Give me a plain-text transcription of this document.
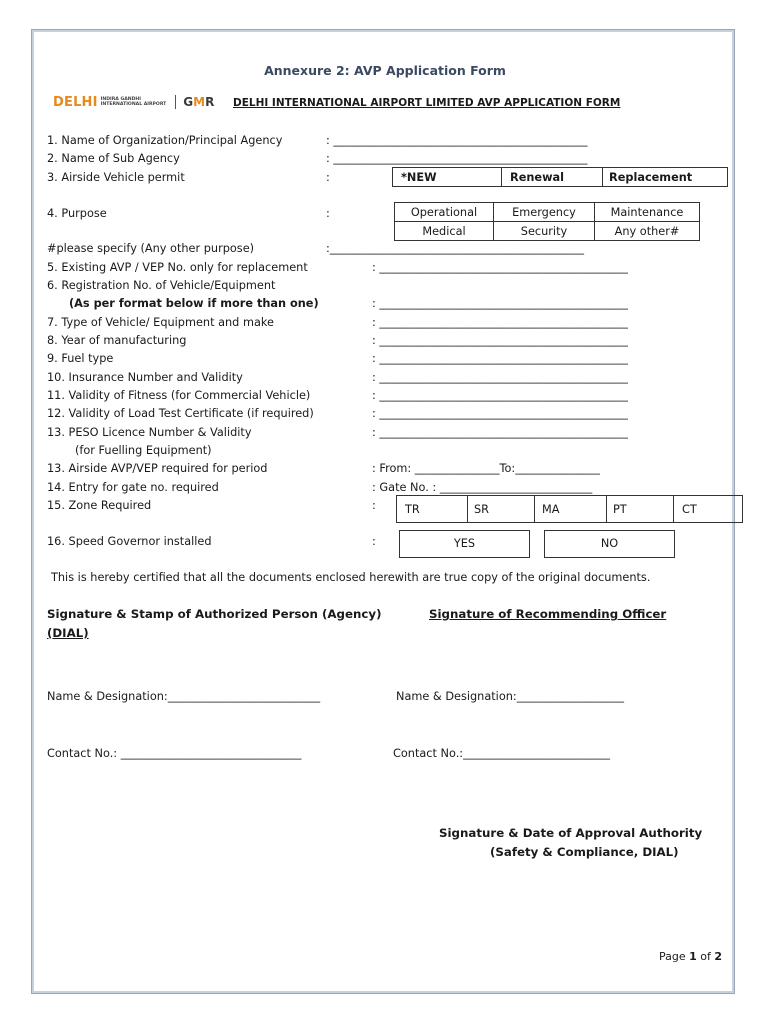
Annexure 2: AVP Application Form
DELHI INDIRA GANDHI
INTERNATIONAL AIRPORT GMR DELHI INTERNATIONAL AIRPORT LIMITED AVP APPLICATION FORM
1. Name of Organization/Principal Agency	: _____________________________________________
2. Name of Sub Agency	: _____________________________________________
3. Airside Vehicle permit	:	*NEW	Renewal	Replacement
4. Purpose	:	Operational	Emergency	Maintenance
Medical	Security	Any other#
#please specify (Any other purpose)	:_____________________________________________
5. Existing AVP / VEP No. only for replacement	: ____________________________________________
6. Registration No. of Vehicle/Equipment
(As per format below if more than one)	: ____________________________________________
7. Type of Vehicle/ Equipment and make	: ____________________________________________
8. Year of manufacturing	: ____________________________________________
9. Fuel type	: ____________________________________________
10. Insurance Number and Validity	: ____________________________________________
11. Validity of Fitness (for Commercial Vehicle)	: ____________________________________________
12. Validity of Load Test Certificate (if required)	: ____________________________________________
13. PESO Licence Number & Validity	: ____________________________________________
(for Fuelling Equipment)
13. Airside AVP/VEP required for period	: From: _______________To:_______________
14. Entry for gate no. required	: Gate No. : ___________________________
15. Zone Required	:	TR	SR	MA	PT	CT
16. Speed Governor installed	:	YES	NO
This is hereby certified that all the documents enclosed herewith are true copy of the original documents.
Signature & Stamp of Authorized Person (Agency)	Signature of Recommending Officer
(DIAL)
Name & Designation:___________________________	Name & Designation:___________________
Contact No.: ________________________________	Contact No.:__________________________
Signature & Date of Approval Authority
(Safety & Compliance, DIAL)
Page 1 of 2
